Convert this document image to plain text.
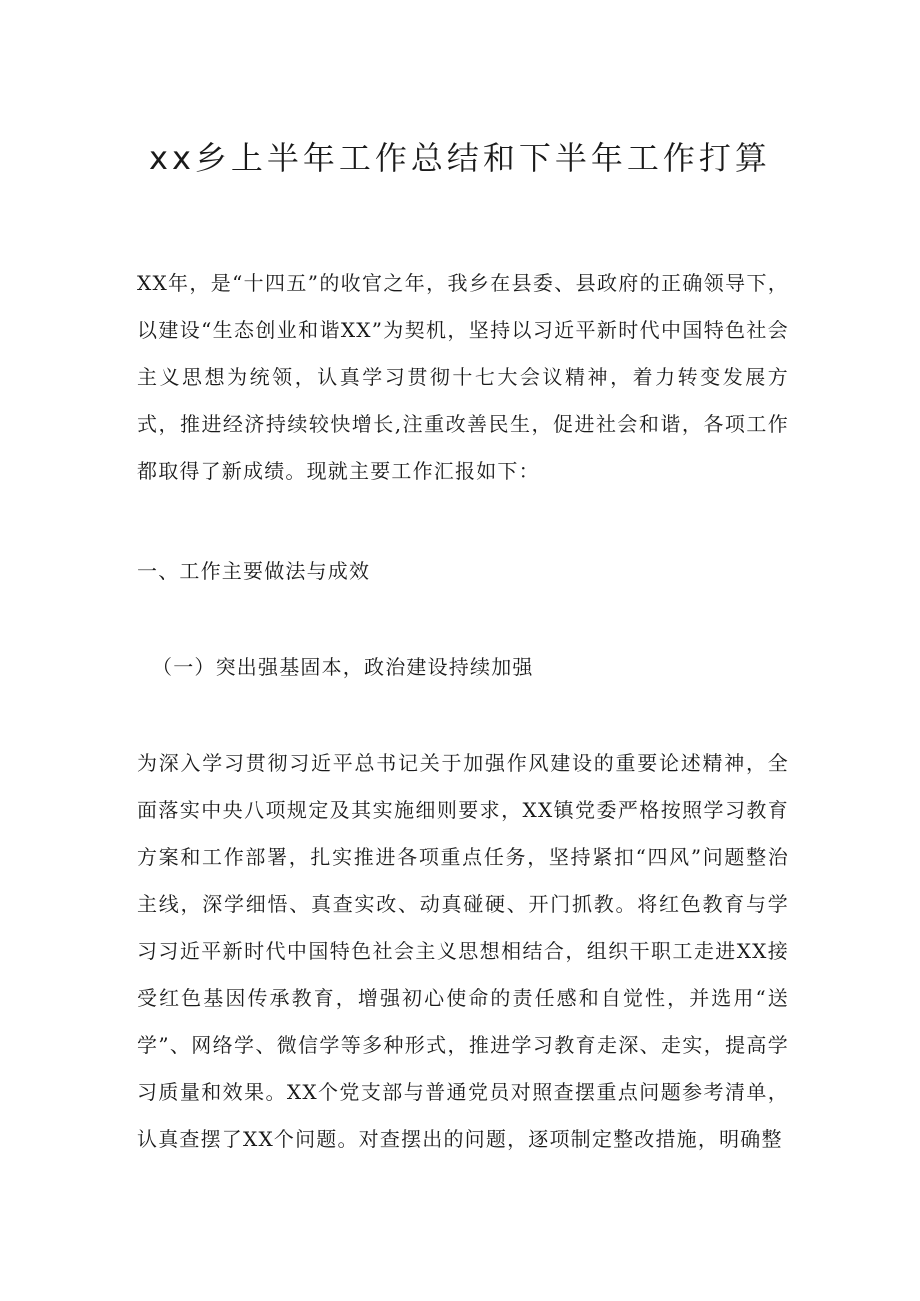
xx乡上半年工作总结和下半年工作打算

XX年，是“十四五”的收官之年，我乡在县委、县政府的正确领导下，以建设“生态创业和谐XX”为契机，坚持以习近平新时代中国特色社会主义思想为统领，认真学习贯彻十七大会议精神，着力转变发展方式，推进经济持续较快增长,注重改善民生，促进社会和谐，各项工作都取得了新成绩。现就主要工作汇报如下：

一、工作主要做法与成效

（一）突出强基固本，政治建设持续加强

为深入学习贯彻习近平总书记关于加强作风建设的重要论述精神，全面落实中央八项规定及其实施细则要求，XX镇党委严格按照学习教育方案和工作部署，扎实推进各项重点任务，坚持紧扣“四风”问题整治主线，深学细悟、真查实改、动真碰硬、开门抓教。将红色教育与学习习近平新时代中国特色社会主义思想相结合，组织干职工走进XX接受红色基因传承教育，增强初心使命的责任感和自觉性，并选用“送学”、网络学、微信学等多种形式，推进学习教育走深、走实，提高学习质量和效果。XX个党支部与普通党员对照查摆重点问题参考清单，认真查摆了XX个问题。对查摆出的问题，逐项制定整改措施，明确整
